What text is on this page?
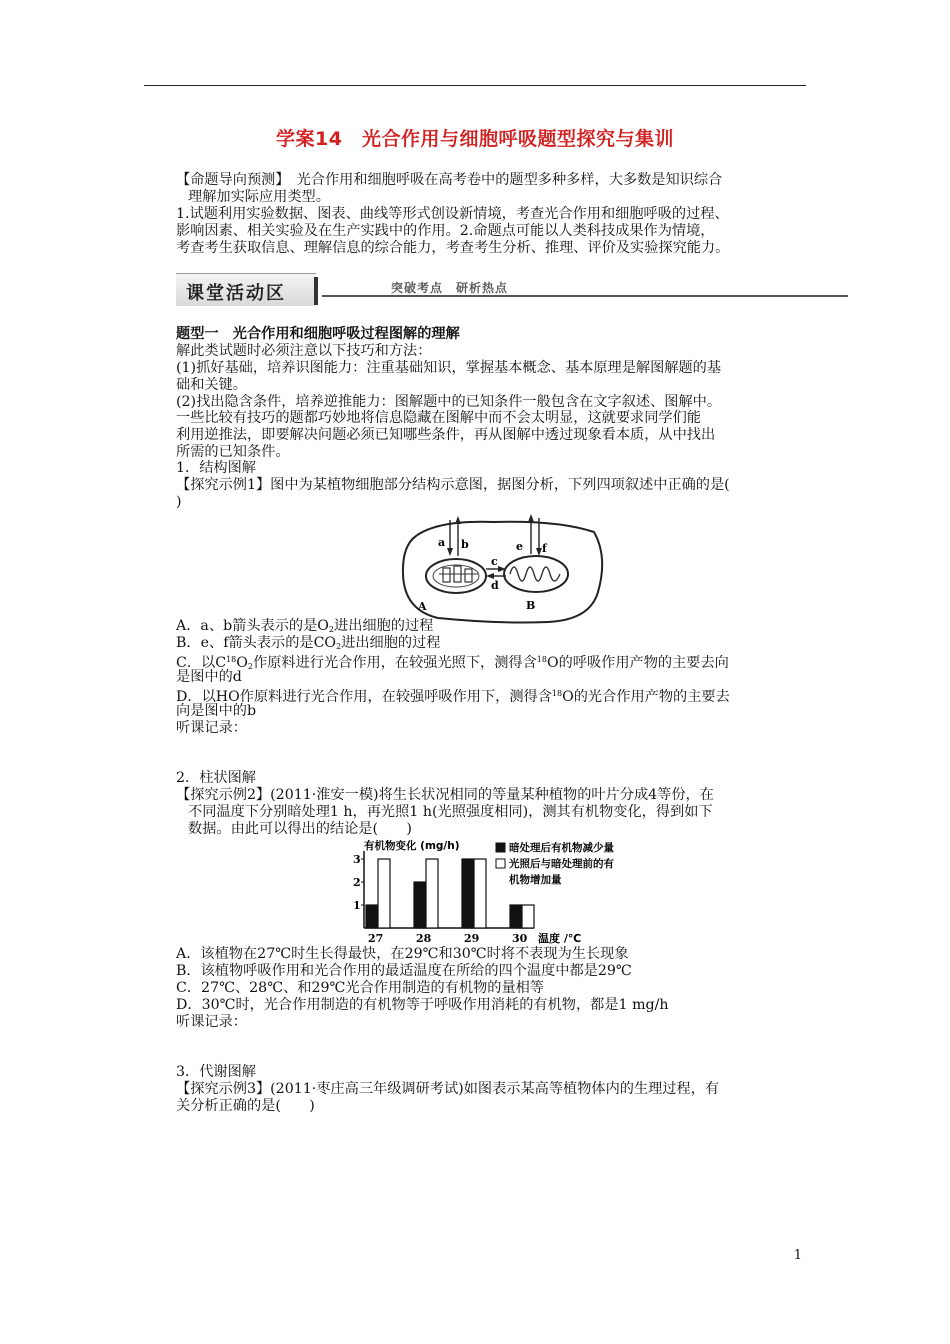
学案14　光合作用与细胞呼吸题型探究与集训
【命题导向预测】　光合作用和细胞呼吸在高考卷中的题型多种多样，大多数是知识综合
理解加实际应用类型。
1.试题利用实验数据、图表、曲线等形式创设新情境，考查光合作用和细胞呼吸的过程、
影响因素、相关实验及在生产实践中的作用。2.命题点可能以人类科技成果作为情境，
考查考生获取信息、理解信息的综合能力，考查考生分析、推理、评价及实验探究能力。
课堂活动区	突破考点　研析热点
题型一　光合作用和细胞呼吸过程图解的理解
解此类试题时必须注意以下技巧和方法：
(1)抓好基础，培养识图能力：注重基础知识，掌握基本概念、基本原理是解图解题的基
础和关键。
(2)找出隐含条件，培养逆推能力：图解题中的已知条件一般包含在文字叙述、图解中。
一些比较有技巧的题都巧妙地将信息隐藏在图解中而不会太明显，这就要求同学们能
利用逆推法，即要解决问题必须已知哪些条件，再从图解中透过现象看本质，从中找出
所需的已知条件。
1．结构图解
【探究示例1】图中为某植物细胞部分结构示意图，据图分析，下列四项叙述中正确的是(
)
a b	e f
c
d
A	B
A．a、b箭头表示的是$O_2$进出细胞的过程
B．e、f箭头表示的是$CO_2$进出细胞的过程
C．以$C^{18}O_2$作原料进行光合作用，在较强光照下，测得含$^{18}$O的呼吸作用产物的主要去向
是图中的d
D．以HO作原料进行光合作用，在较强呼吸作用下，测得含$^{18}$O的光合作用产物的主要去
向是图中的b
听课记录：
2．柱状图解
【探究示例2】(2011·淮安一模)将生长状况相同的等量某种植物的叶片分成4等份，在
不同温度下分别暗处理1 h，再光照1 h(光照强度相同)，测其有机物变化，得到如下
数据。由此可以得出的结论是(　　)
1
2
3
有机物变化 (mg/h)
27	28	29	30 温度 /℃
暗处理后有机物减少量
光照后与暗处理前的有
机物增加量
A．该植物在27℃时生长得最快，在29℃和30℃时将不表现为生长现象
B．该植物呼吸作用和光合作用的最适温度在所给的四个温度中都是29℃
C．27℃、28℃、和29℃光合作用制造的有机物的量相等
D．30℃时，光合作用制造的有机物等于呼吸作用消耗的有机物，都是1 mg/h
听课记录：
3．代谢图解
【探究示例3】(2011·枣庄高三年级调研考试)如图表示某高等植物体内的生理过程，有
关分析正确的是(　　)
1
